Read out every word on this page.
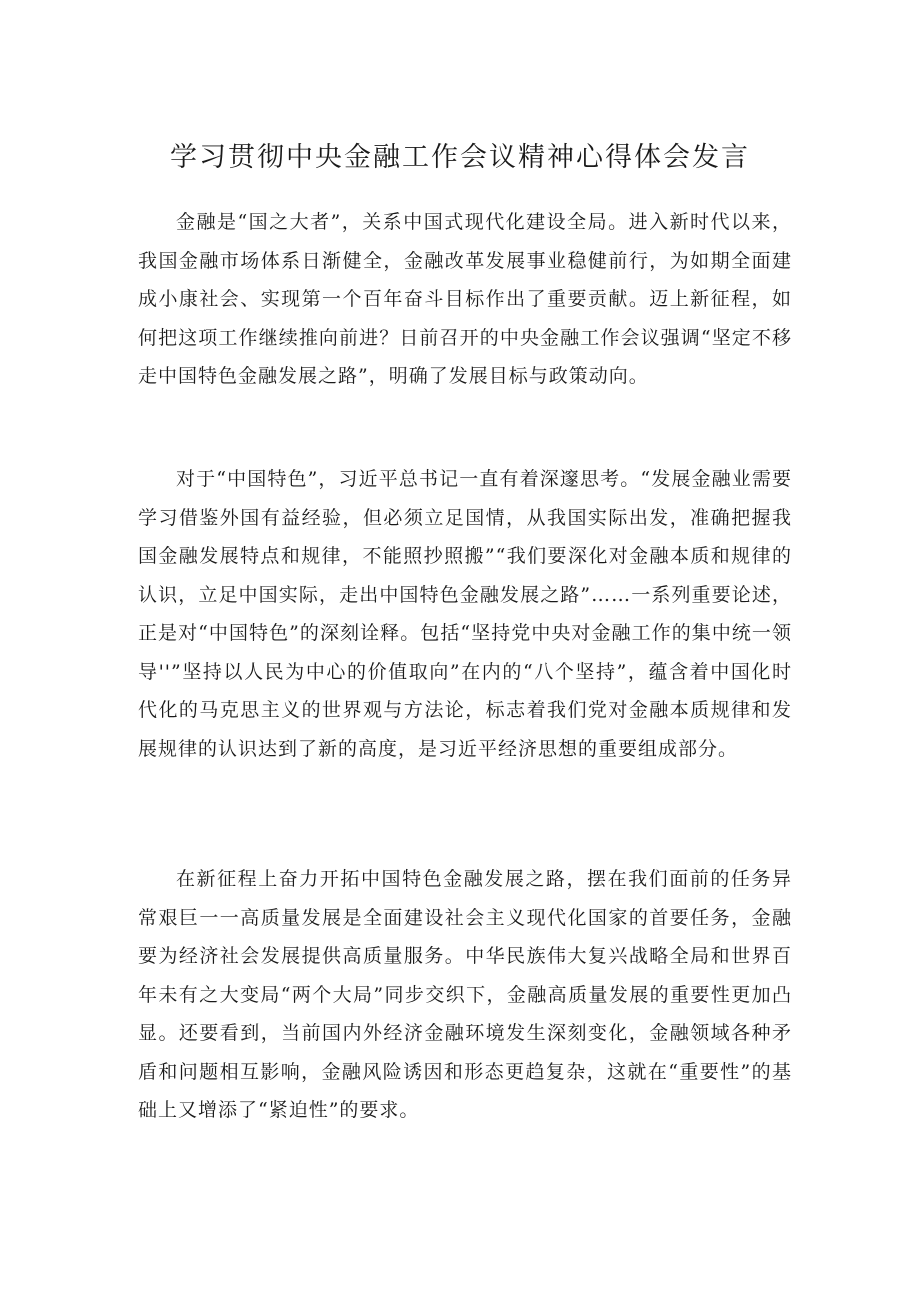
学习贯彻中央金融工作会议精神心得体会发言

金融是“国之大者”，关系中国式现代化建设全局。进入新时代以来，我国金融市场体系日渐健全，金融改革发展事业稳健前行，为如期全面建成小康社会、实现第一个百年奋斗目标作出了重要贡献。迈上新征程，如何把这项工作继续推向前进？日前召开的中央金融工作会议强调“坚定不移走中国特色金融发展之路”，明确了发展目标与政策动向。

对于“中国特色”，习近平总书记一直有着深邃思考。“发展金融业需要学习借鉴外国有益经验，但必须立足国情，从我国实际出发，准确把握我国金融发展特点和规律，不能照抄照搬”“我们要深化对金融本质和规律的认识，立足中国实际，走出中国特色金融发展之路”……一系列重要论述，正是对“中国特色”的深刻诠释。包括“坚持党中央对金融工作的集中统一领导''”坚持以人民为中心的价值取向”在内的“八个坚持”，蕴含着中国化时代化的马克思主义的世界观与方法论，标志着我们党对金融本质规律和发展规律的认识达到了新的高度，是习近平经济思想的重要组成部分。

在新征程上奋力开拓中国特色金融发展之路，摆在我们面前的任务异常艰巨一一高质量发展是全面建设社会主义现代化国家的首要任务，金融要为经济社会发展提供高质量服务。中华民族伟大复兴战略全局和世界百年未有之大变局“两个大局”同步交织下，金融高质量发展的重要性更加凸显。还要看到，当前国内外经济金融环境发生深刻变化，金融领域各种矛盾和问题相互影响，金融风险诱因和形态更趋复杂，这就在“重要性”的基础上又增添了“紧迫性”的要求。
